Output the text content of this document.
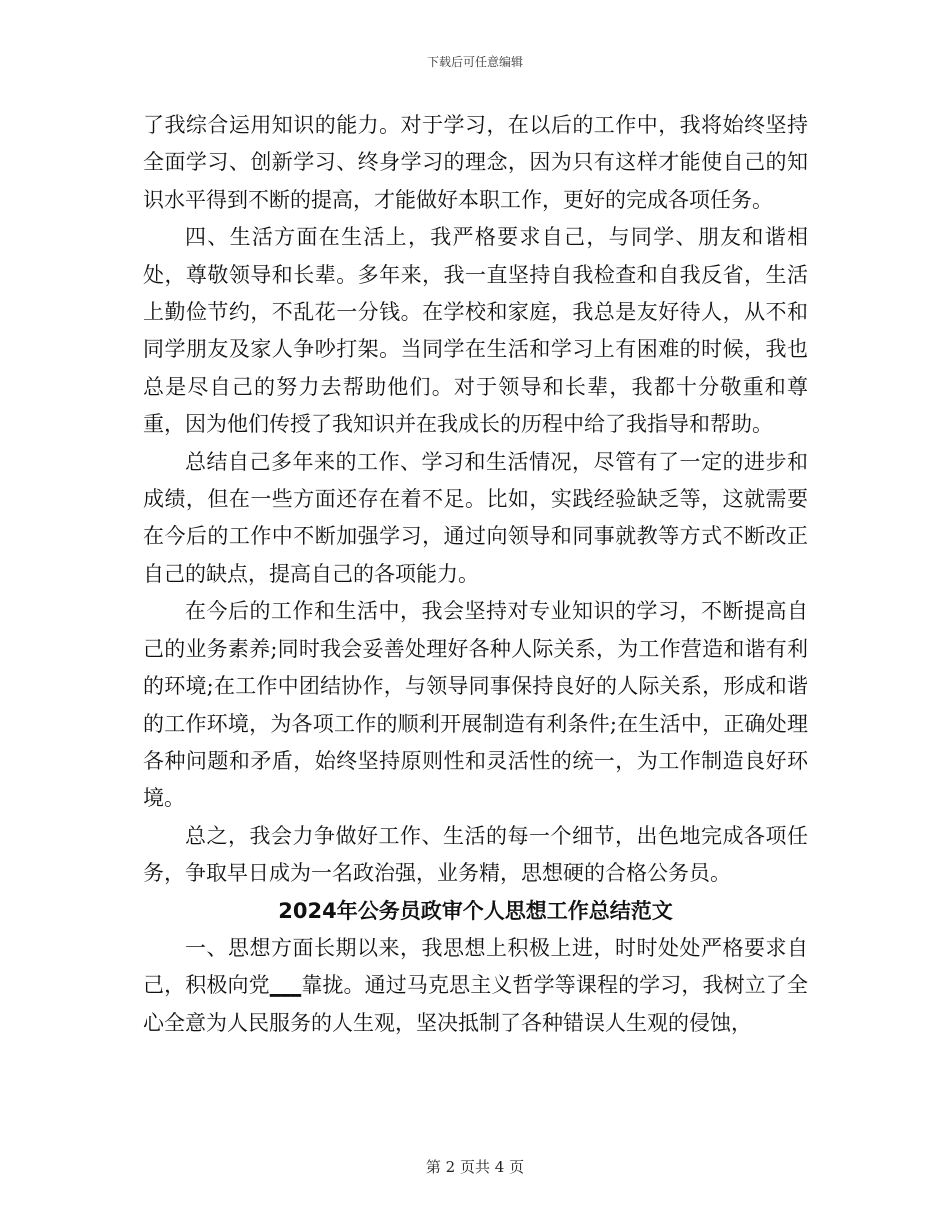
下载后可任意编辑

了我综合运用知识的能力。对于学习，在以后的工作中，我将始终坚持全面学习、创新学习、终身学习的理念，因为只有这样才能使自己的知识水平得到不断的提高，才能做好本职工作，更好的完成各项任务。

四、生活方面在生活上，我严格要求自己，与同学、朋友和谐相处，尊敬领导和长辈。多年来，我一直坚持自我检查和自我反省，生活上勤俭节约，不乱花一分钱。在学校和家庭，我总是友好待人，从不和同学朋友及家人争吵打架。当同学在生活和学习上有困难的时候，我也总是尽自己的努力去帮助他们。对于领导和长辈，我都十分敬重和尊重，因为他们传授了我知识并在我成长的历程中给了我指导和帮助。

总结自己多年来的工作、学习和生活情况，尽管有了一定的进步和成绩，但在一些方面还存在着不足。比如，实践经验缺乏等，这就需要在今后的工作中不断加强学习，通过向领导和同事就教等方式不断改正自己的缺点，提高自己的各项能力。

在今后的工作和生活中，我会坚持对专业知识的学习，不断提高自己的业务素养;同时我会妥善处理好各种人际关系，为工作营造和谐有利的环境;在工作中团结协作，与领导同事保持良好的人际关系，形成和谐的工作环境，为各项工作的顺利开展制造有利条件;在生活中，正确处理各种问题和矛盾，始终坚持原则性和灵活性的统一，为工作制造良好环境。

总之，我会力争做好工作、生活的每一个细节，出色地完成各项任务，争取早日成为一名政治强，业务精，思想硬的合格公务员。

2024年公务员政审个人思想工作总结范文

一、思想方面长期以来，我思想上积极上进，时时处处严格要求自己，积极向党___靠拢。通过马克思主义哲学等课程的学习，我树立了全心全意为人民服务的人生观，坚决抵制了各种错误人生观的侵蚀，

第 2 页共 4 页
